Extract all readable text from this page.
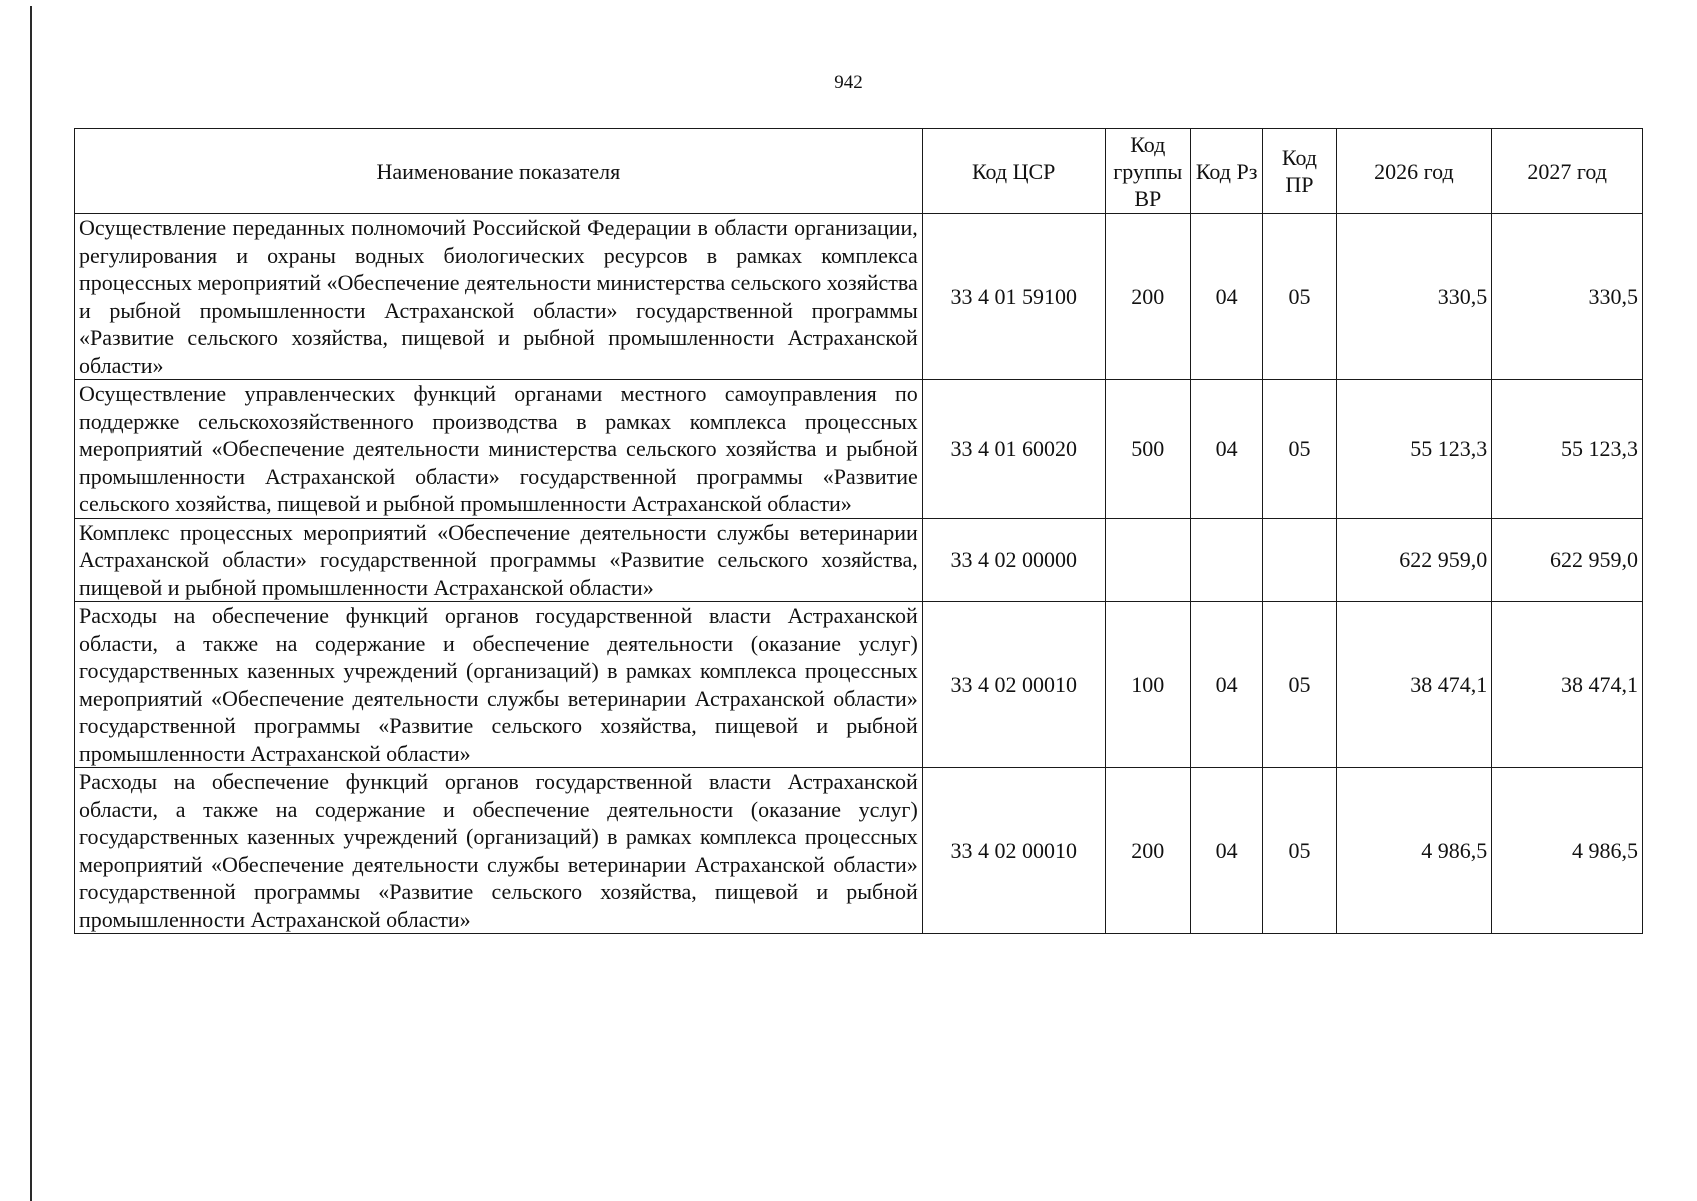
942
Наименование показателя	Код ЦСР	Код группы ВР	Код Рз	Код ПР	2026 год	2027 год
Осуществление переданных полномочий Российской Федерации в области организации, регулирования и охраны водных биологических ресурсов в рамках комплекса процессных мероприятий «Обеспечение деятельности министерства сельского хозяйства и рыбной промышленности Астраханской области» государственной программы «Развитие сельского хозяйства, пищевой и рыбной промышленности Астраханской области»	33 4 01 59100	200	04	05	330,5	330,5
Осуществление управленческих функций органами местного самоуправления по поддержке сельскохозяйственного производства в рамках комплекса процессных мероприятий «Обеспечение деятельности министерства сельского хозяйства и рыбной промышленности Астраханской области» государственной программы «Развитие сельского хозяйства, пищевой и рыбной промышленности Астраханской области»	33 4 01 60020	500	04	05	55 123,3	55 123,3
Комплекс процессных мероприятий «Обеспечение деятельности службы ветеринарии Астраханской области» государственной программы «Развитие сельского хозяйства, пищевой и рыбной промышленности Астраханской области»	33 4 02 00000				622 959,0	622 959,0
Расходы на обеспечение функций органов государственной власти Астраханской области, а также на содержание и обеспечение деятельности (оказание услуг) государственных казенных учреждений (организаций) в рамках комплекса процессных мероприятий «Обеспечение деятельности службы ветеринарии Астраханской области» государственной программы «Развитие сельского хозяйства, пищевой и рыбной промышленности Астраханской области»	33 4 02 00010	100	04	05	38 474,1	38 474,1
Расходы на обеспечение функций органов государственной власти Астраханской области, а также на содержание и обеспечение деятельности (оказание услуг) государственных казенных учреждений (организаций) в рамках комплекса процессных мероприятий «Обеспечение деятельности службы ветеринарии Астраханской области» государственной программы «Развитие сельского хозяйства, пищевой и рыбной промышленности Астраханской области»	33 4 02 00010	200	04	05	4 986,5	4 986,5
